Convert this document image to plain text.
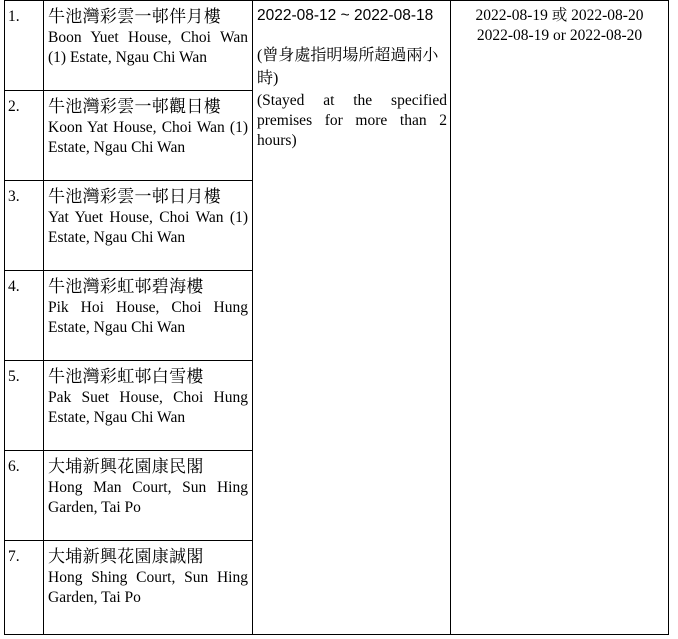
1.	牛池灣彩雲一邨伴月樓
Boon Yuet House, Choi Wan (1) Estate, Ngau Chi Wan
2.	牛池灣彩雲一邨觀日樓
Koon Yat House, Choi Wan (1) Estate, Ngau Chi Wan
3.	牛池灣彩雲一邨日月樓
Yat Yuet House, Choi Wan (1) Estate, Ngau Chi Wan
4.	牛池灣彩虹邨碧海樓
Pik Hoi House, Choi Hung Estate, Ngau Chi Wan
5.	牛池灣彩虹邨白雪樓
Pak Suet House, Choi Hung Estate, Ngau Chi Wan
6.	大埔新興花園康民閣
Hong Man Court, Sun Hing Garden, Tai Po
7.	大埔新興花園康誠閣
Hong Shing Court, Sun Hing Garden, Tai Po
2022-08-12 ~ 2022-08-18
(曾身處指明場所超過兩小時)
(Stayed at the specified premises for more than 2 hours)
2022-08-19 或 2022-08-20
2022-08-19 or 2022-08-20
